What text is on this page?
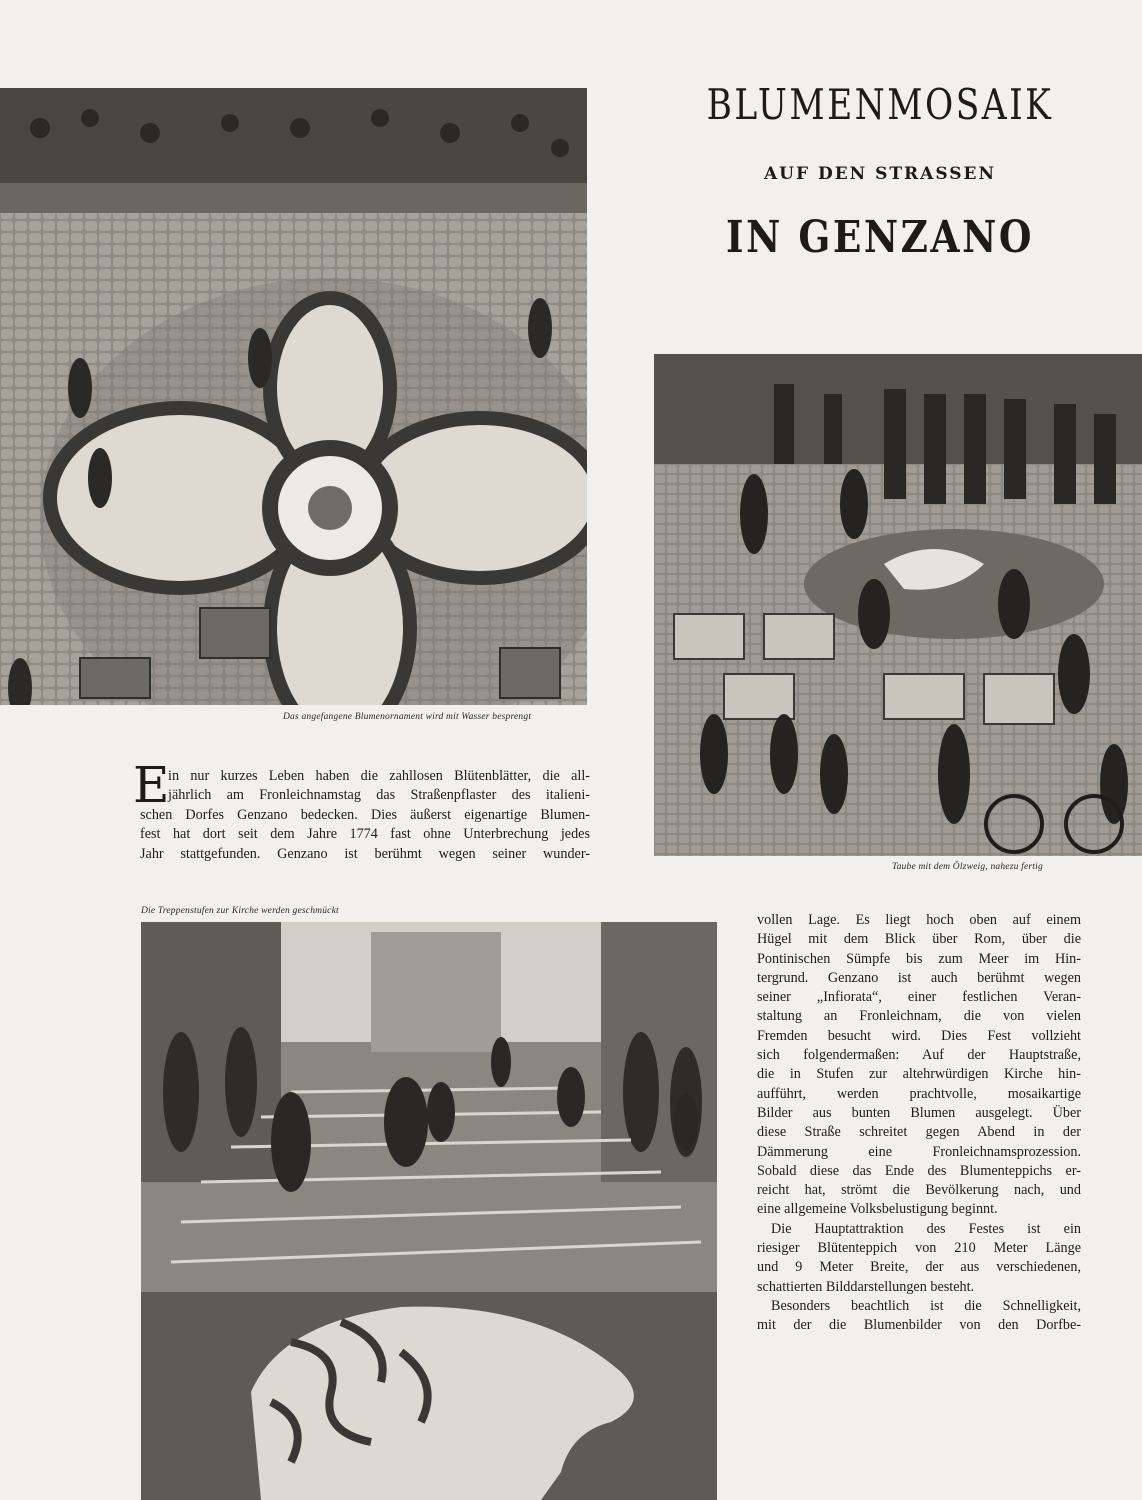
BLUMENMOSAIK
AUF DEN STRASSEN
IN GENZANO
Das angefangene Blumenornament wird mit Wasser besprengt
Taube mit dem Ölzweig, nahezu fertig
E
in nur kurzes Leben haben die zahllosen Blütenblätter, die all-
jährlich am Fronleichnamstag das Straßenpflaster des italieni-
schen Dorfes Genzano bedecken. Dies äußerst eigenartige Blumen-
fest hat dort seit dem Jahre 1774 fast ohne Unterbrechung jedes
Jahr stattgefunden. Genzano ist berühmt wegen seiner wunder-
Die Treppenstufen zur Kirche werden geschmückt
vollen Lage. Es liegt hoch oben auf einem
Hügel mit dem Blick über Rom, über die
Pontinischen Sümpfe bis zum Meer im Hin-
tergrund. Genzano ist auch berühmt wegen
seiner „Infiorata“, einer festlichen Veran-
staltung an Fronleichnam, die von vielen
Fremden besucht wird. Dies Fest vollzieht
sich folgendermaßen: Auf der Hauptstraße,
die in Stufen zur altehrwürdigen Kirche hin-
aufführt, werden prachtvolle, mosaikartige
Bilder aus bunten Blumen ausgelegt. Über
diese Straße schreitet gegen Abend in der
Dämmerung eine Fronleichnamsprozession.
Sobald diese das Ende des Blumenteppichs er-
reicht hat, strömt die Bevölkerung nach, und
eine allgemeine Volksbelustigung beginnt.
Die Hauptattraktion des Festes ist ein
riesiger Blütenteppich von 210 Meter Länge
und 9 Meter Breite, der aus verschiedenen,
schattierten Bilddarstellungen besteht.
Besonders beachtlich ist die Schnelligkeit,
mit der die Blumenbilder von den Dorfbe-
